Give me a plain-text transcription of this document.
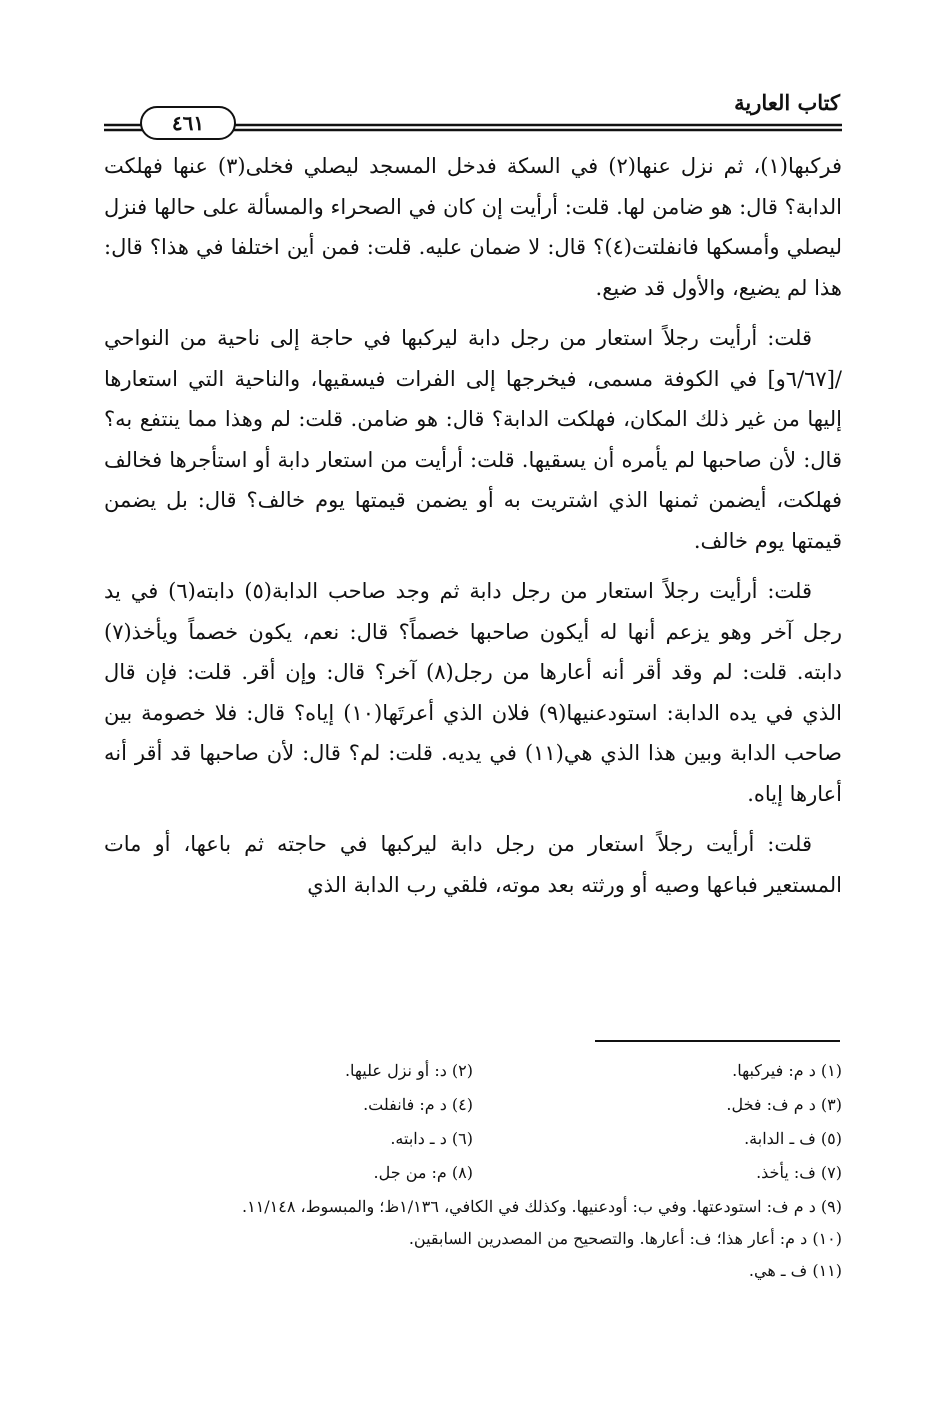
كتاب العارية
٤٦١

فركبها(١)، ثم نزل عنها(٢) في السكة فدخل المسجد ليصلي فخلى(٣) عنها فهلكت الدابة؟ قال: هو ضامن لها. قلت: أرأيت إن كان في الصحراء والمسألة على حالها فنزل ليصلي وأمسكها فانفلتت(٤)؟ قال: لا ضمان عليه. قلت: فمن أين اختلفا في هذا؟ قال: هذا لم يضيع، والأول قد ضيع.

قلت: أرأيت رجلاً استعار من رجل دابة ليركبها في حاجة إلى ناحية من النواحي /[٦/٦٧و] في الكوفة مسمى، فيخرجها إلى الفرات فيسقيها، والناحية التي استعارها إليها من غير ذلك المكان، فهلكت الدابة؟ قال: هو ضامن. قلت: لم وهذا مما ينتفع به؟ قال: لأن صاحبها لم يأمره أن يسقيها. قلت: أرأيت من استعار دابة أو استأجرها فخالف فهلكت، أيضمن ثمنها الذي اشتريت به أو يضمن قيمتها يوم خالف؟ قال: بل يضمن قيمتها يوم خالف.

قلت: أرأيت رجلاً استعار من رجل دابة ثم وجد صاحب الدابة(٥) دابته(٦) في يد رجل آخر وهو يزعم أنها له أيكون صاحبها خصماً؟ قال: نعم، يكون خصماً ويأخذ(٧) دابته. قلت: لم وقد أقر أنه أعارها من رجل(٨) آخر؟ قال: وإن أقر. قلت: فإن قال الذي في يده الدابة: استودعنيها(٩) فلان الذي أعرتَها(١٠) إياه؟ قال: فلا خصومة بين صاحب الدابة وبين هذا الذي هي(١١) في يديه. قلت: لم؟ قال: لأن صاحبها قد أقر أنه أعارها إياه.

قلت: أرأيت رجلاً استعار من رجل دابة ليركبها في حاجته ثم باعها، أو مات المستعير فباعها وصيه أو ورثته بعد موته، فلقي رب الدابة الذي

(١) د م: فيركبها.
(٢) د: أو نزل عليها.
(٣) د م ف: فخل.
(٤) د م: فانفلت.
(٥) ف ـ الدابة.
(٦) د ـ دابته.
(٧) ف: يأخذ.
(٨) م: من جل.
(٩) د م ف: استودعتها. وفي ب: أودعنيها. وكذلك في الكافي، ١/١٣٦ظ؛ والمبسوط، ١١/١٤٨.
(١٠) د م: أعار هذا؛ ف: أعارها. والتصحيح من المصدرين السابقين.
(١١) ف ـ هي.
